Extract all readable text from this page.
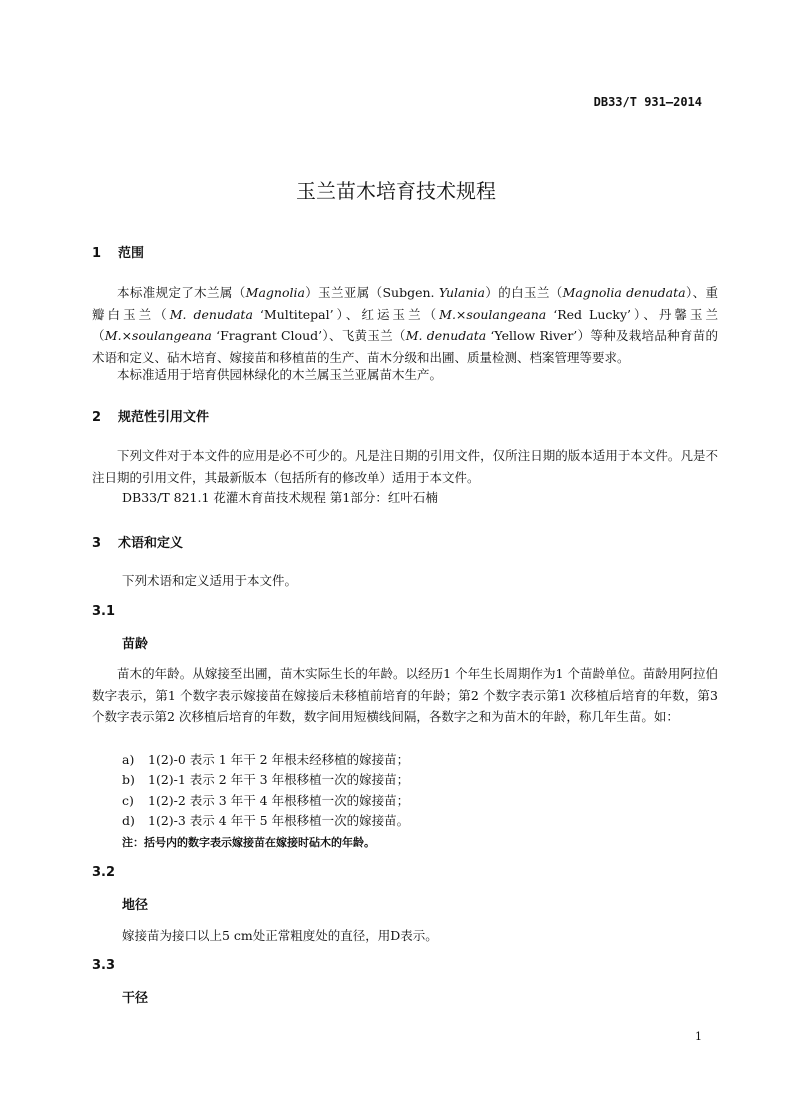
DB33/T 931—2014
玉兰苗木培育技术规程
1 范围

本标准规定了木兰属（Magnolia）玉兰亚属（Subgen. Yulania）的白玉兰（Magnolia denudata）、重瓣白玉兰（M. denudata ‘Multitepal’）、红运玉兰（M.×soulangeana ‘Red Lucky’）、丹馨玉兰（M.×soulangeana ‘Fragrant Cloud’）、飞黄玉兰（M. denudata ‘Yellow River’）等种及栽培品种育苗的术语和定义、砧木培育、嫁接苗和移植苗的生产、苗木分级和出圃、质量检测、档案管理等要求。

本标准适用于培育供园林绿化的木兰属玉兰亚属苗木生产。

2 规范性引用文件

下列文件对于本文件的应用是必不可少的。凡是注日期的引用文件，仅所注日期的版本适用于本文件。凡是不注日期的引用文件，其最新版本（包括所有的修改单）适用于本文件。

DB33/T 821.1 花灌木育苗技术规程 第1部分：红叶石楠
3 术语和定义
下列术语和定义适用于本文件。
3.1
苗龄

苗木的年龄。从嫁接至出圃，苗木实际生长的年龄。以经历1 个年生长周期作为1 个苗龄单位。苗龄用阿拉伯数字表示，第1 个数字表示嫁接苗在嫁接后未移植前培育的年龄；第2 个数字表示第1 次移植后培育的年数，第3 个数字表示第2 次移植后培育的年数，数字间用短横线间隔，各数字之和为苗木的年龄，称几年生苗。如：

a) 1(2)-0 表示 1 年干 2 年根未经移植的嫁接苗；
b) 1(2)-1 表示 2 年干 3 年根移植一次的嫁接苗；
c) 1(2)-2 表示 3 年干 4 年根移植一次的嫁接苗；
d) 1(2)-3 表示 4 年干 5 年根移植一次的嫁接苗。
注：括号内的数字表示嫁接苗在嫁接时砧木的年龄。
3.2
地径
嫁接苗为接口以上5 cm处正常粗度处的直径，用D表示。
3.3
干径
1
